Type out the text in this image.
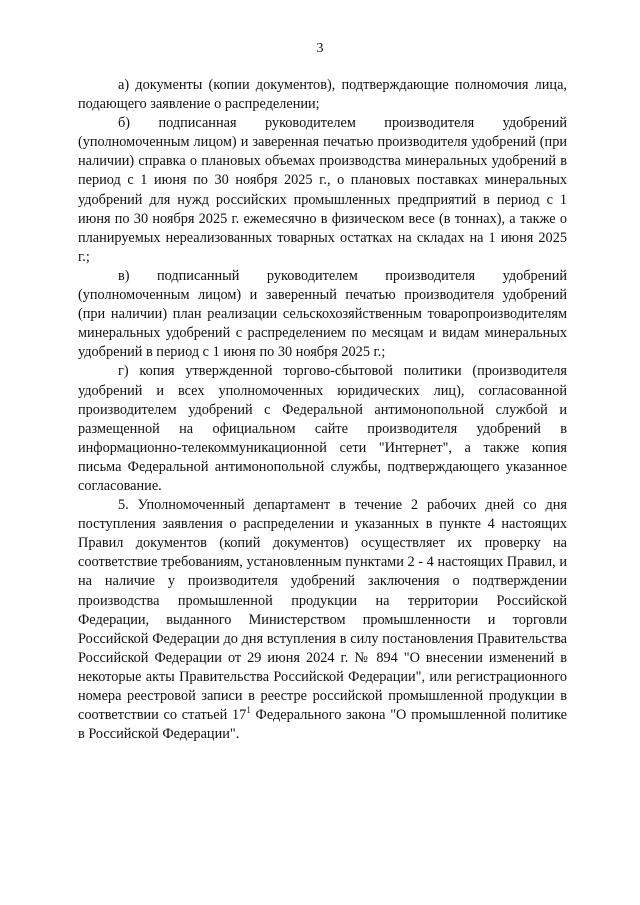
3

а) документы (копии документов), подтверждающие полномочия лица, подающего заявление о распределении;

б) подписанная руководителем производителя удобрений (уполномоченным лицом) и заверенная печатью производителя удобрений (при наличии) справка о плановых объемах производства минеральных удобрений в период с 1 июня по 30 ноября 2025 г., о плановых поставках минеральных удобрений для нужд российских промышленных предприятий в период с 1 июня по 30 ноября 2025 г. ежемесячно в физическом весе (в тоннах), а также о планируемых нереализованных товарных остатках на складах на 1 июня 2025 г.;

в) подписанный руководителем производителя удобрений (уполномоченным лицом) и заверенный печатью производителя удобрений (при наличии) план реализации сельскохозяйственным товаропроизводителям минеральных удобрений с распределением по месяцам и видам минеральных удобрений в период с 1 июня по 30 ноября 2025 г.;

г) копия утвержденной торгово-сбытовой политики (производителя удобрений и всех уполномоченных юридических лиц), согласованной производителем удобрений с Федеральной антимонопольной службой и размещенной на официальном сайте производителя удобрений в информационно-телекоммуникационной сети "Интернет", а также копия письма Федеральной антимонопольной службы, подтверждающего указанное согласование.

5. Уполномоченный департамент в течение 2 рабочих дней со дня поступления заявления о распределении и указанных в пункте 4 настоящих Правил документов (копий документов) осуществляет их проверку на соответствие требованиям, установленным пунктами 2 - 4 настоящих Правил, и на наличие у производителя удобрений заключения о подтверждении производства промышленной продукции на территории Российской Федерации, выданного Министерством промышленности и торговли Российской Федерации до дня вступления в силу постановления Правительства Российской Федерации от 29 июня 2024 г. № 894 "О внесении изменений в некоторые акты Правительства Российской Федерации", или регистрационного номера реестровой записи в реестре российской промышленной продукции в соответствии со статьей $17^1$ Федерального закона "О промышленной политике в Российской Федерации".
